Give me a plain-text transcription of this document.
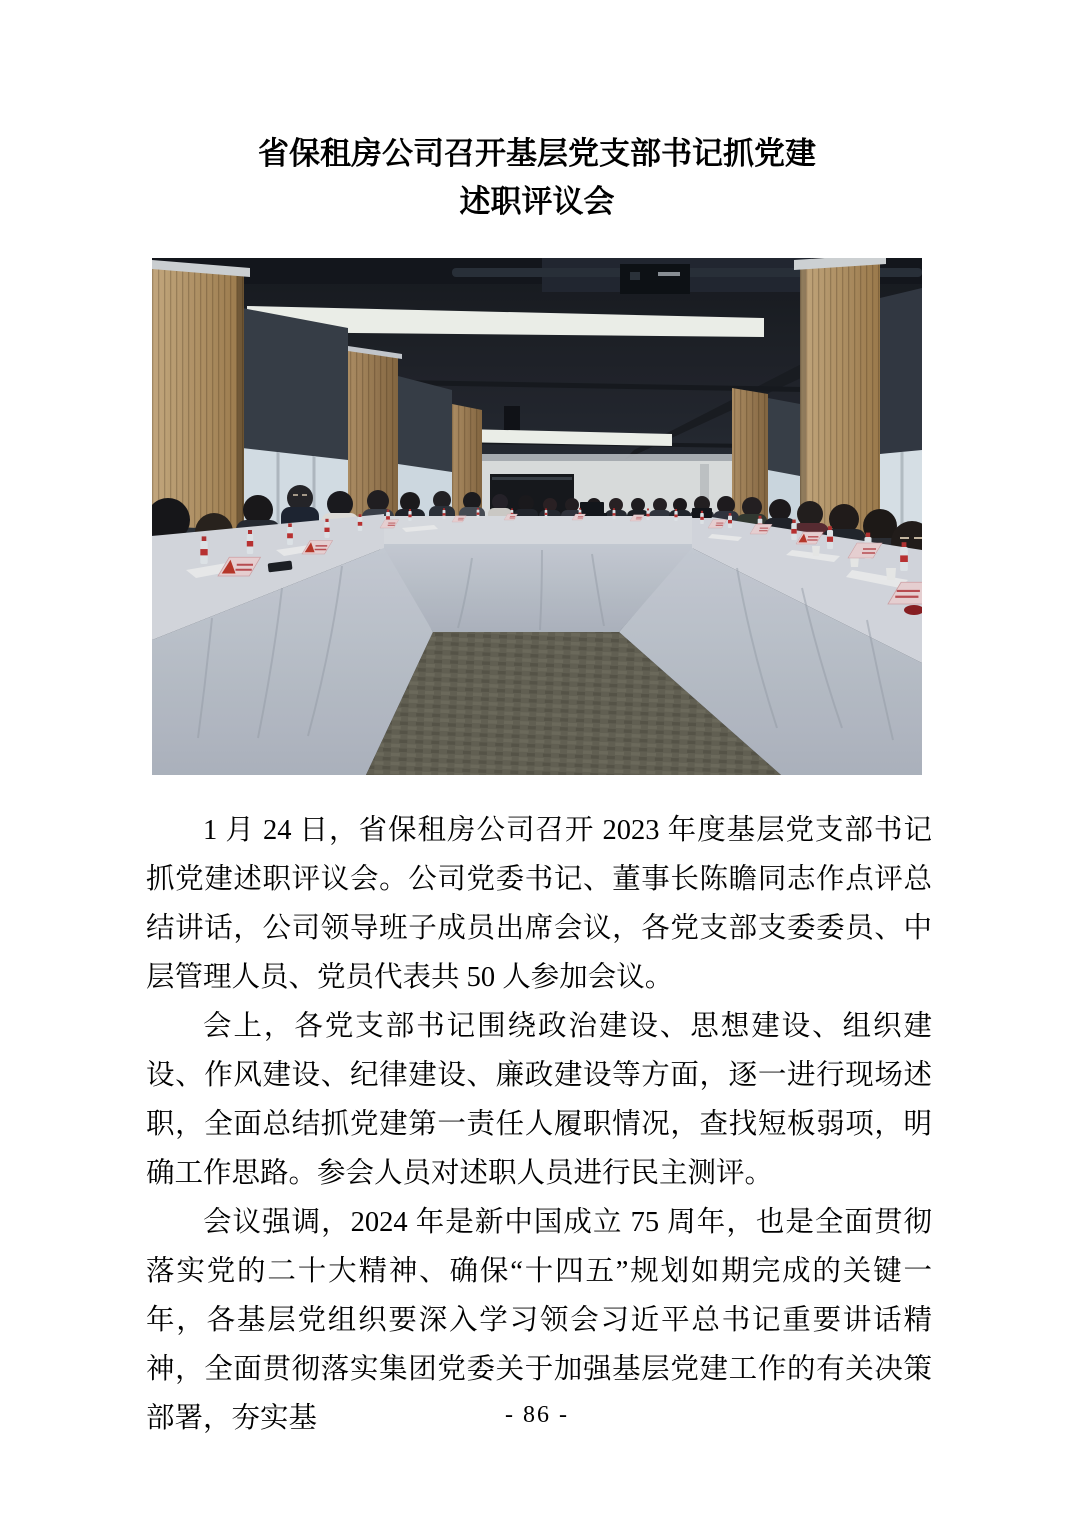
省保租房公司召开基层党支部书记抓党建
述职评议会

1 月 24 日，省保租房公司召开 2023 年度基层党支部书记抓党建述职评议会。公司党委书记、董事长陈瞻同志作点评总结讲话，公司领导班子成员出席会议，各党支部支委委员、中层管理人员、党员代表共 50 人参加会议。

会上，各党支部书记围绕政治建设、思想建设、组织建设、作风建设、纪律建设、廉政建设等方面，逐一进行现场述职，全面总结抓党建第一责任人履职情况，查找短板弱项，明确工作思路。参会人员对述职人员进行民主测评。

会议强调，2024 年是新中国成立 75 周年，也是全面贯彻落实党的二十大精神、确保“十四五”规划如期完成的关键一年，各基层党组织要深入学习领会习近平总书记重要讲话精神，全面贯彻落实集团党委关于加强基层党建工作的有关决策部署，夯实基	- 86 -
